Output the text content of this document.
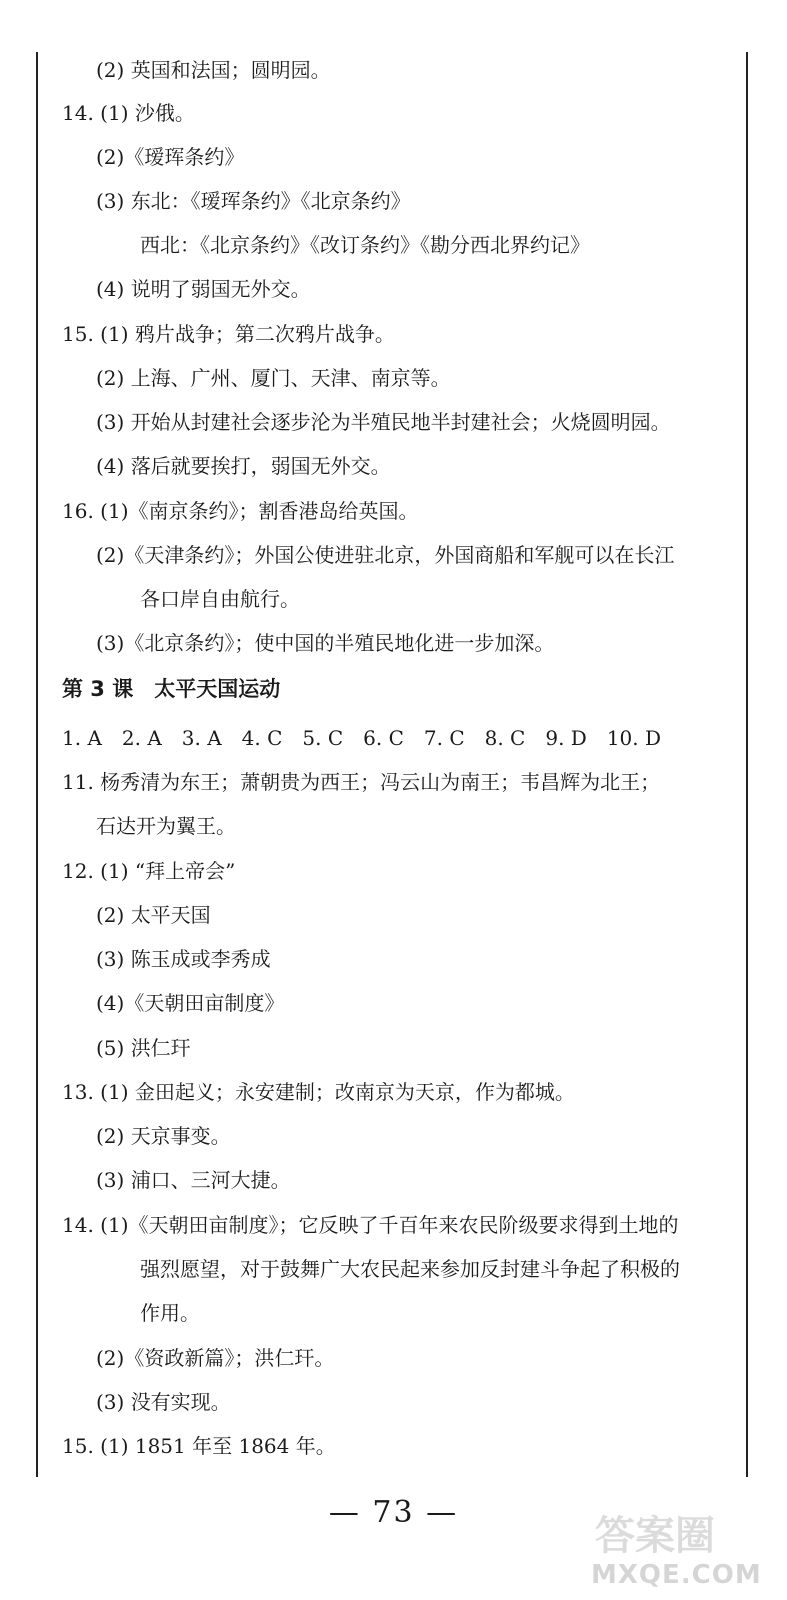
(2) 英国和法国；圆明园。
14. (1) 沙俄。
(2)《瑷珲条约》
(3) 东北：《瑷珲条约》《北京条约》
西北：《北京条约》《改订条约》《勘分西北界约记》
(4) 说明了弱国无外交。
15. (1) 鸦片战争；第二次鸦片战争。
(2) 上海、广州、厦门、天津、南京等。
(3) 开始从封建社会逐步沦为半殖民地半封建社会；火烧圆明园。
(4) 落后就要挨打，弱国无外交。
16. (1)《南京条约》；割香港岛给英国。
(2)《天津条约》；外国公使进驻北京，外国商船和军舰可以在长江
各口岸自由航行。
(3)《北京条约》；使中国的半殖民地化进一步加深。
第 3 课　太平天国运动
1. A　2. A　3. A　4. C　5. C　6. C　7. C　8. C　9. D　10. D
11. 杨秀清为东王；萧朝贵为西王；冯云山为南王；韦昌辉为北王；
石达开为翼王。
12. (1) “拜上帝会”
(2) 太平天国
(3) 陈玉成或李秀成
(4)《天朝田亩制度》
(5) 洪仁玕
13. (1) 金田起义；永安建制；改南京为天京，作为都城。
(2) 天京事变。
(3) 浦口、三河大捷。
14. (1)《天朝田亩制度》；它反映了千百年来农民阶级要求得到土地的
强烈愿望，对于鼓舞广大农民起来参加反封建斗争起了积极的
作用。
(2)《资政新篇》；洪仁玕。
(3) 没有实现。
15. (1) 1851 年至 1864 年。
— 73 —
答案圈
MXQE.COM
